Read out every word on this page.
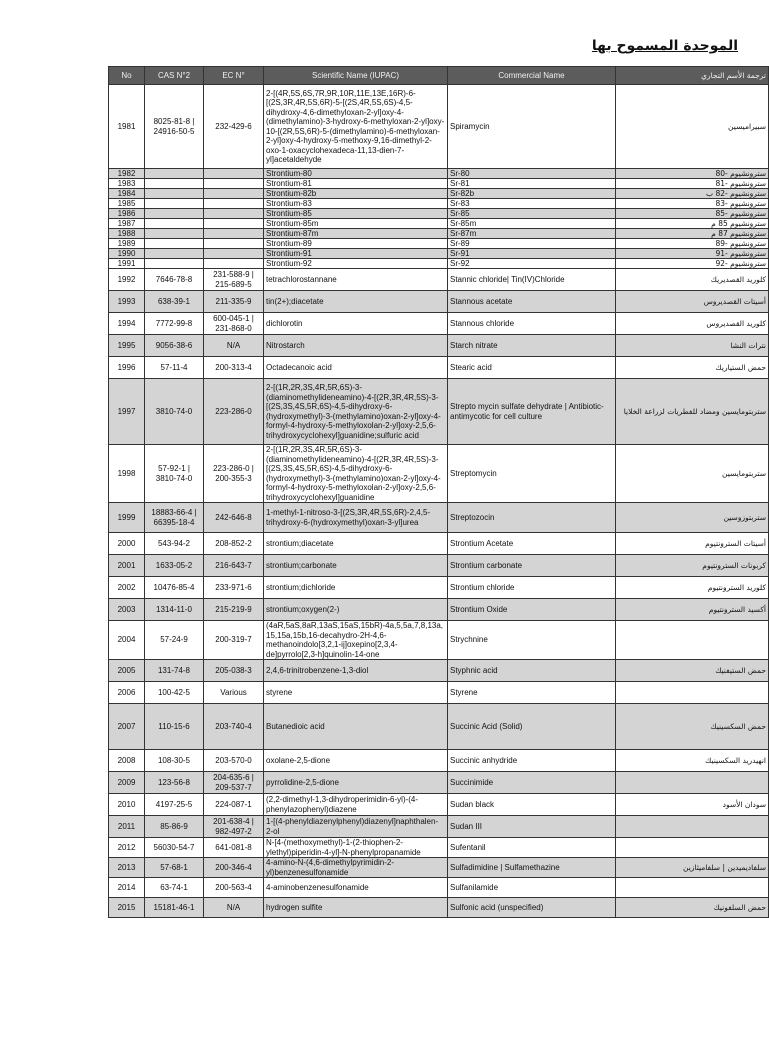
الموحدة المسموح بها
No	CAS N°2	EC N°	Scientific Name (IUPAC)	Commercial Name	ترجمة الأسم التجاري
1981	8025-81-8 | 24916-50-5	232-429-6	2-[(4R,5S,6S,7R,9R,10R,11E,13E,16R)-6-[(2S,3R,4R,5S,6R)-5-[(2S,4R,5S,6S)-4,5-dihydroxy-4,6-dimethyloxan-2-yl]oxy-4-(dimethylamino)-3-hydroxy-6-methyloxan-2-yl]oxy-10-[(2R,5S,6R)-5-(dimethylamino)-6-methyloxan-2-yl]oxy-4-hydroxy-5-methoxy-9,16-dimethyl-2-oxo-1-oxacyclohexadeca-11,13-dien-7-yl]acetaldehyde	Spiramycin	سبيراميسين
1982			Strontium-80	Sr-80	سترونشيوم -80
1983			Strontium-81	Sr-81	سترونشيوم -81
1984			Strontium-82b	Sr-82b	سترونشيوم -82 ب
1985			Strontium-83	Sr-83	سترونشيوم -83
1986			Strontium-85	Sr-85	سترونشيوم -85
1987			Strontium-85m	Sr-85m	سترونشيوم 85 م
1988			Strontium-87m	Sr-87m	سترونشيوم 87 م
1989			Strontium-89	Sr-89	سترونشيوم -89
1990			Strontium-91	Sr-91	سترونشيوم -91
1991			Strontium-92	Sr-92	سترونشيوم -92
1992	7646-78-8	231-588-9 | 215-689-5	tetrachlorostannane	Stannic chloride| Tin(IV)Chloride	كلوريد القصديريك
1993	638-39-1	211-335-9	tin(2+);diacetate	Stannous acetate	أسيتات القصديروس
1994	7772-99-8	600-045-1 | 231-868-0	dichlorotin	Stannous chloride	كلوريد القصديروس
1995	9056-38-6	N/A	Nitrostarch	Starch nitrate	نترات النشا
1996	57-11-4	200-313-4	Octadecanoic acid	Stearic acid	حمض الستياريك
1997	3810-74-0	223-286-0	2-[(1R,2R,3S,4R,5R,6S)-3-(diaminomethylideneamino)-4-[(2R,3R,4R,5S)-3-[(2S,3S,4S,5R,6S)-4,5-dihydroxy-6-(hydroxymethyl)-3-(methylamino)oxan-2-yl]oxy-4-formyl-4-hydroxy-5-methyloxolan-2-yl]oxy-2,5,6-trihydroxycyclohexyl]guanidine;sulfuric acid	Strepto mycin sulfate dehydrate | Antibiotic-antimycotic for cell culture	ستربتومايسين ومضاد للفطريات لزراعة الخلايا
1998	57-92-1 | 3810-74-0	223-286-0 | 200-355-3	2-[(1R,2R,3S,4R,5R,6S)-3-(diaminomethylideneamino)-4-[(2R,3R,4R,5S)-3-[(2S,3S,4S,5R,6S)-4,5-dihydroxy-6-(hydroxymethyl)-3-(methylamino)oxan-2-yl]oxy-4-formyl-4-hydroxy-5-methyloxolan-2-yl]oxy-2,5,6-trihydroxycyclohexyl]guanidine	Streptomycin	ستربتومايسين
1999	18883-66-4 | 66395-18-4	242-646-8	1-methyl-1-nitroso-3-[(2S,3R,4R,5S,6R)-2,4,5-trihydroxy-6-(hydroxymethyl)oxan-3-yl]urea	Streptozocin	ستربتوزوسين
2000	543-94-2	208-852-2	strontium;diacetate	Strontium Acetate	أسيتات السترونتيوم
2001	1633-05-2	216-643-7	strontium;carbonate	Strontium carbonate	كربونات السترونتيوم
2002	10476-85-4	233-971-6	strontium;dichloride	Strontium chloride	كلوريد السترونتيوم
2003	1314-11-0	215-219-9	strontium;oxygen(2-)	Strontium Oxide	أكسيد السترونتيوم
2004	57-24-9	200-319-7	(4aR,5aS,8aR,13aS,15aS,15bR)-4a,5,5a,7,8,13a,15,15a,15b,16-decahydro-2H-4,6-methanoindolo[3,2,1-ij]oxepino[2,3,4-de]pyrrolo[2,3-h]quinolin-14-one	Strychnine	
2005	131-74-8	205-038-3	2,4,6-trinitrobenzene-1,3-diol	Styphnic acid	حمض الستيفنيك
2006	100-42-5	Various	styrene	Styrene	
2007	110-15-6	203-740-4	Butanedioic acid	Succinic Acid (Solid)	حمض السكسينيك
2008	108-30-5	203-570-0	oxolane-2,5-dione	Succinic anhydride	انهيدريد السكسينيك
2009	123-56-8	204-635-6 | 209-537-7	pyrrolidine-2,5-dione	Succinimide	
2010	4197-25-5	224-087-1	(2,2-dimethyl-1,3-dihydroperimidin-6-yl)-(4-phenylazophenyl)diazene	Sudan black	سودان الأسود
2011	85-86-9	201-638-4 | 982-497-2	1-[(4-phenyldiazenylphenyl)diazenyl]naphthalen-2-ol	Sudan III	
2012	56030-54-7	641-081-8	N-[4-(methoxymethyl)-1-(2-thiophen-2-ylethyl)piperidin-4-yl]-N-phenylpropanamide	Sufentanil	
2013	57-68-1	200-346-4	4-amino-N-(4,6-dimethylpyrimidin-2-yl)benzenesulfonamide	Sulfadimidine | Sulfamethazine	سلفاديميدين | سلفاميثازين
2014	63-74-1	200-563-4	4-aminobenzenesulfonamide	Sulfanilamide	
2015	15181-46-1	N/A	hydrogen sulfite	Sulfonic acid (unspecified)	حمض السلفونيك
